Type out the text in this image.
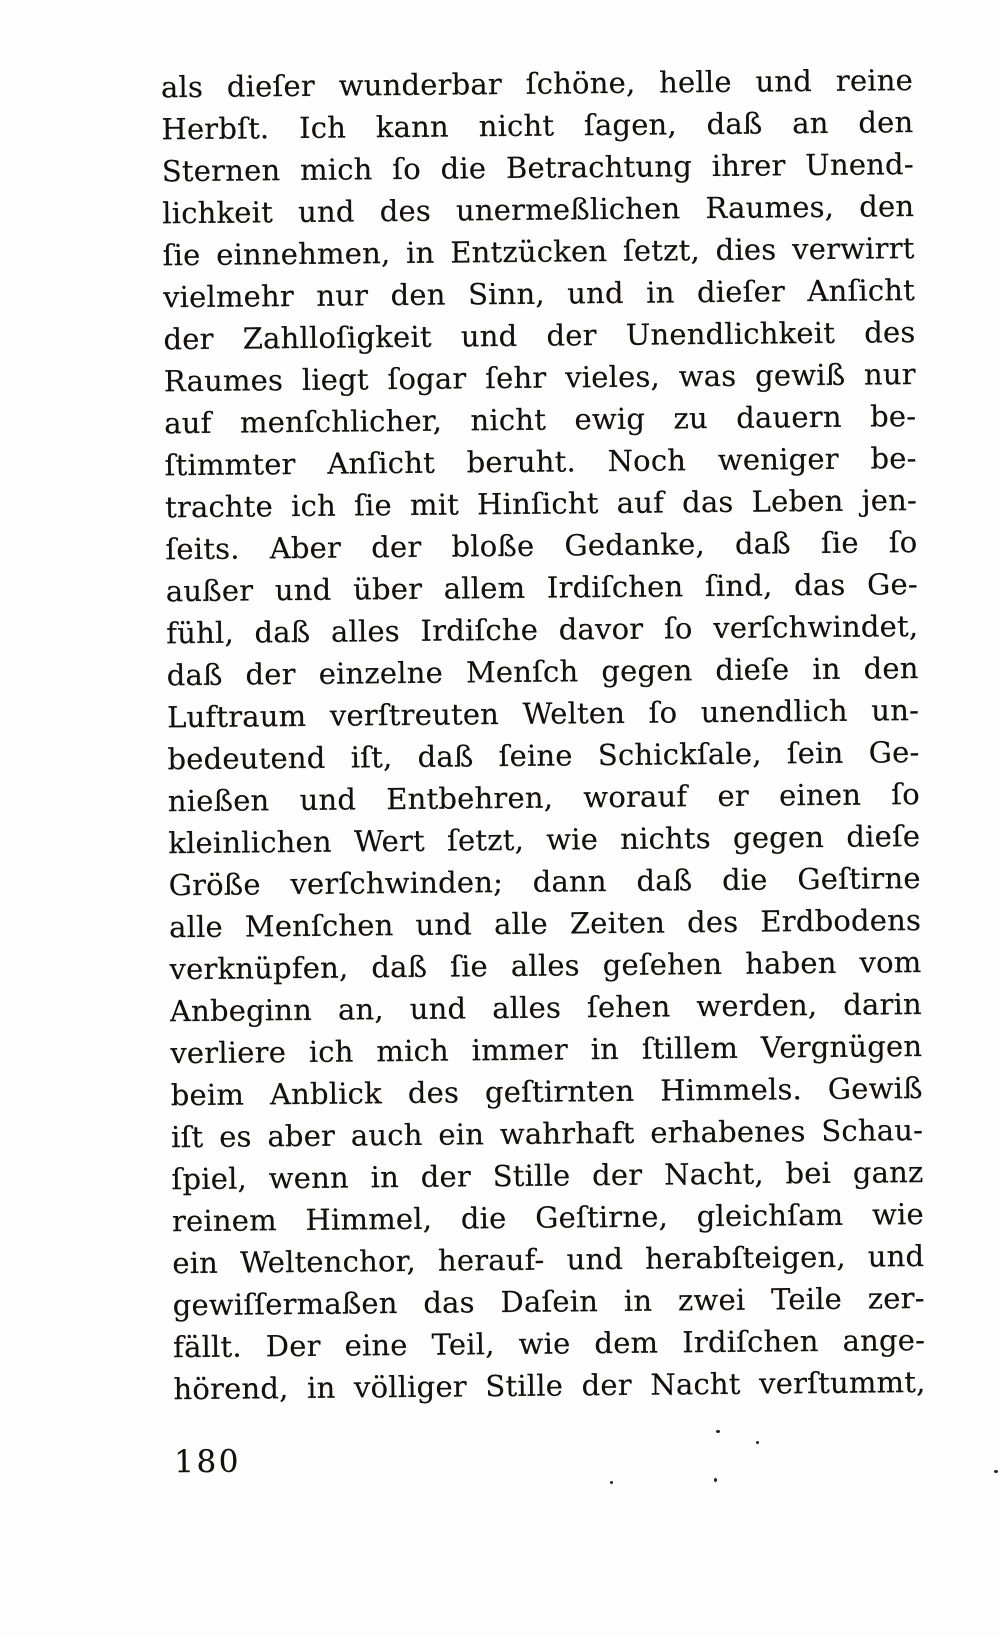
als dieſer wunderbar ſchöne, helle und reine
Herbſt. Ich kann nicht ſagen, daß an den
Sternen mich ſo die Betrachtung ihrer Unend-
lichkeit und des unermeßlichen Raumes, den
ſie einnehmen, in Entzücken ſetzt, dies verwirrt
vielmehr nur den Sinn, und in dieſer Anſicht
der Zahlloſigkeit und der Unendlichkeit des
Raumes liegt ſogar ſehr vieles, was gewiß nur
auf menſchlicher, nicht ewig zu dauern be-
ſtimmter Anſicht beruht. Noch weniger be-
trachte ich ſie mit Hinſicht auf das Leben jen-
ſeits. Aber der bloße Gedanke, daß ſie ſo
außer und über allem Irdiſchen ſind, das Ge-
fühl, daß alles Irdiſche davor ſo verſchwindet,
daß der einzelne Menſch gegen dieſe in den
Luftraum verſtreuten Welten ſo unendlich un-
bedeutend iſt, daß ſeine Schickſale, ſein Ge-
nießen und Entbehren, worauf er einen ſo
kleinlichen Wert ſetzt, wie nichts gegen dieſe
Größe verſchwinden; dann daß die Geſtirne
alle Menſchen und alle Zeiten des Erdbodens
verknüpfen, daß ſie alles geſehen haben vom
Anbeginn an, und alles ſehen werden, darin
verliere ich mich immer in ſtillem Vergnügen
beim Anblick des geſtirnten Himmels. Gewiß
iſt es aber auch ein wahrhaft erhabenes Schau-
ſpiel, wenn in der Stille der Nacht, bei ganz
reinem Himmel, die Geſtirne, gleichſam wie
ein Weltenchor, herauf- und herabſteigen, und
gewiſſermaßen das Daſein in zwei Teile zer-
fällt. Der eine Teil, wie dem Irdiſchen ange-
hörend, in völliger Stille der Nacht verſtummt,
180
